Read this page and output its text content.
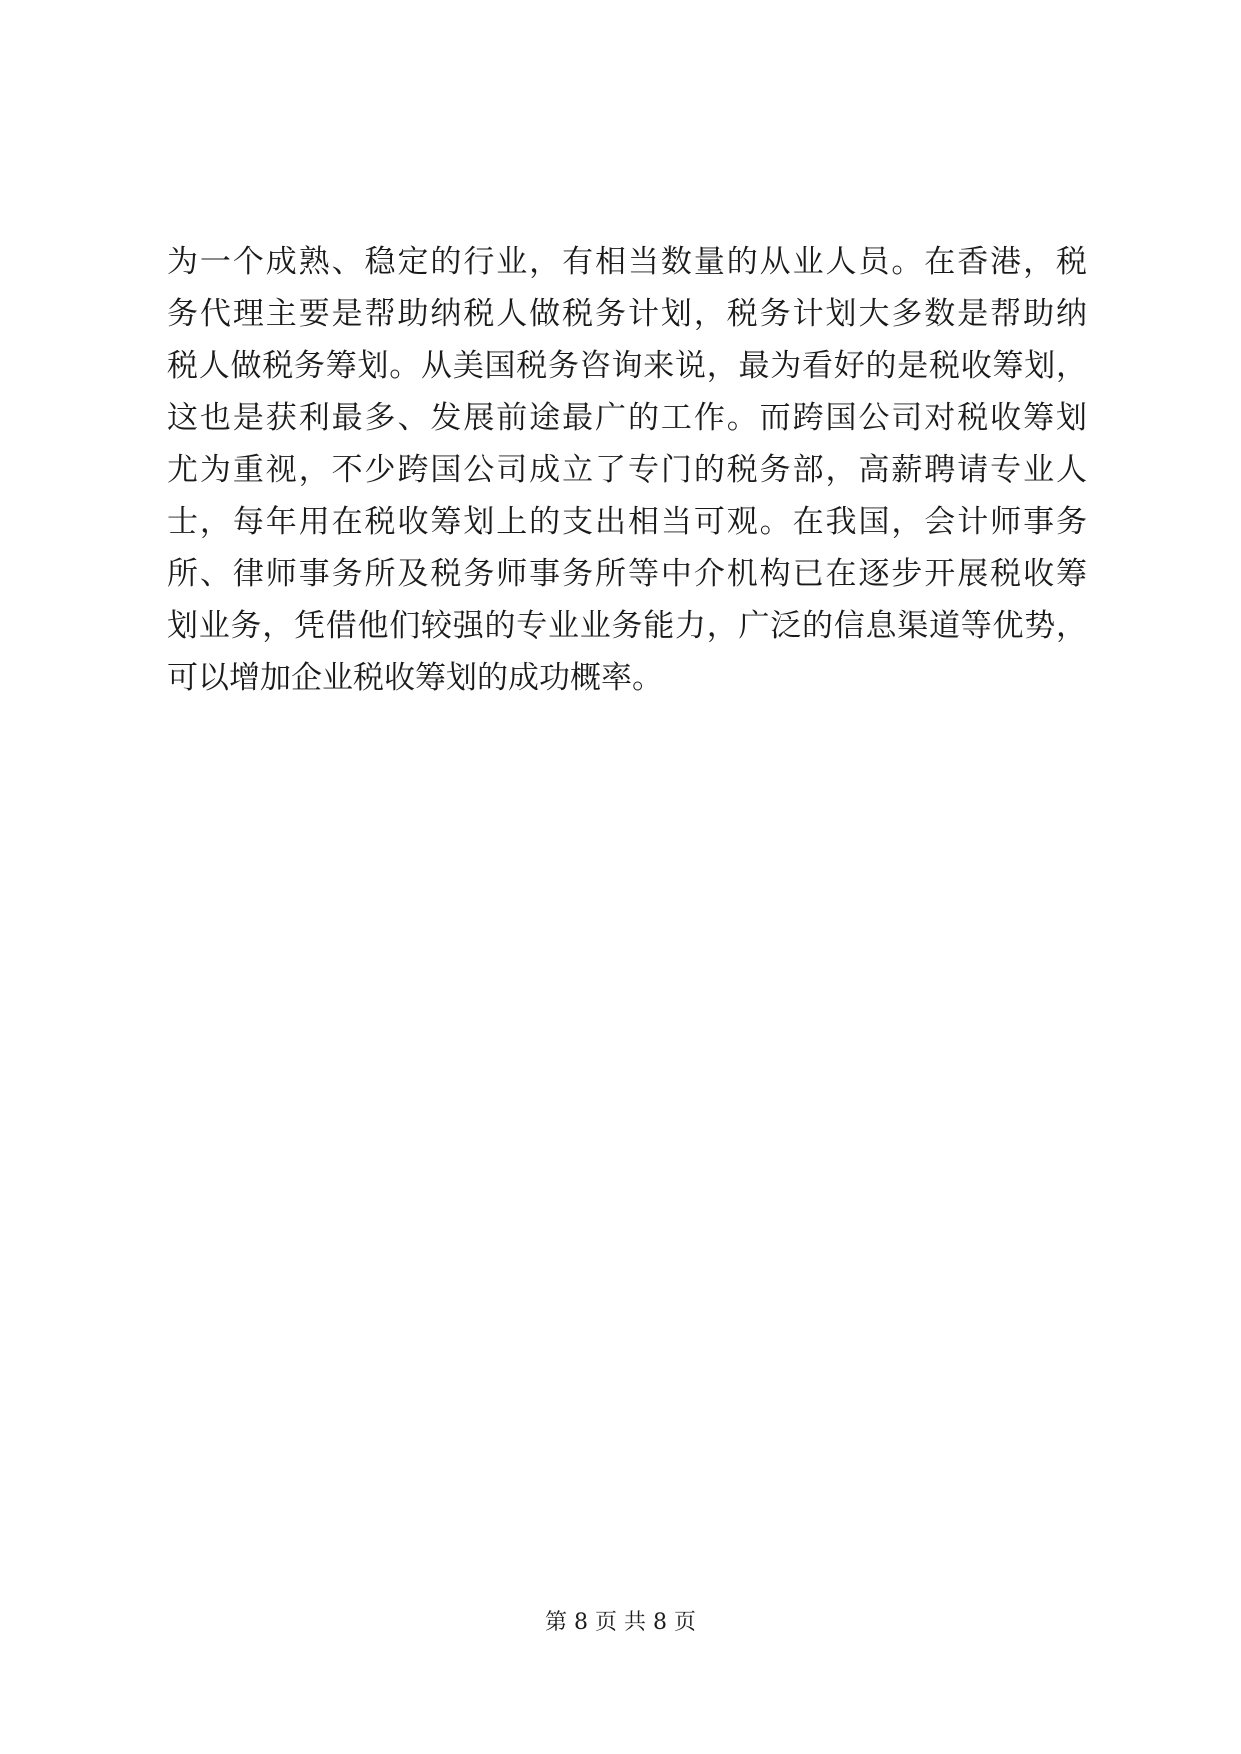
为一个成熟、稳定的行业，有相当数量的从业人员。在香港，税
务代理主要是帮助纳税人做税务计划，税务计划大多数是帮助纳
税人做税务筹划。从美国税务咨询来说，最为看好的是税收筹划，
这也是获利最多、发展前途最广的工作。而跨国公司对税收筹划
尤为重视，不少跨国公司成立了专门的税务部，高薪聘请专业人
士，每年用在税收筹划上的支出相当可观。在我国，会计师事务
所、律师事务所及税务师事务所等中介机构已在逐步开展税收筹
划业务，凭借他们较强的专业业务能力，广泛的信息渠道等优势，
可以增加企业税收筹划的成功概率。
第 8 页 共 8 页
